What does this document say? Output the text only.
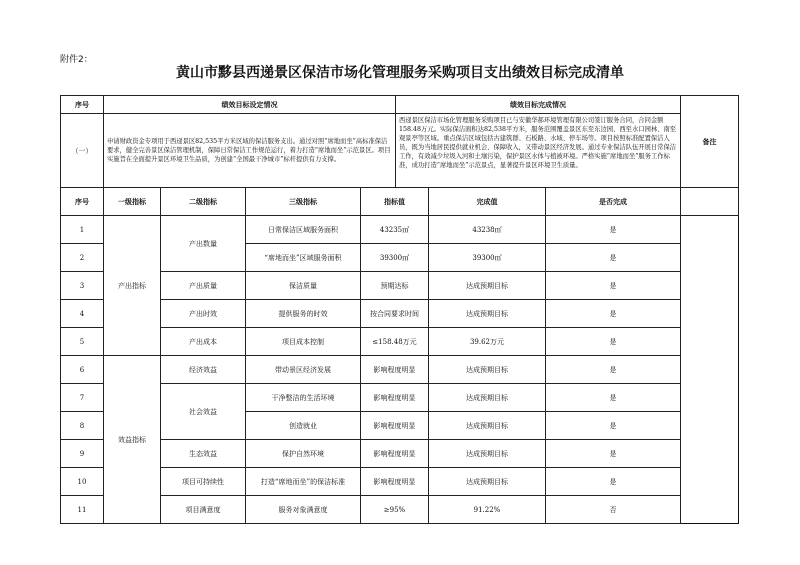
附件2：
黄山市黟县西递景区保洁市场化管理服务采购项目支出绩效目标完成清单
序号	绩效目标设定情况	绩效目标完成情况	备注
（一）	申请财政资金专项用于西递景区82,535平方米区域的保洁服务支出。通过对照“席地而坐”高标准保洁要求，健全完善景区保洁管理机制，保障日常保洁工作规范运行，着力打造“席地而坐”示范景区。项目实施旨在全面提升景区环境卫生品质，为创建“全国最干净城市”标杆提供有力支撑。	西递景区保洁市场化管理服务采购项目已与安徽华郝环境管理有限公司签订服务合同，合同金额158.48万元。实际保洁面积达82,538平方米，服务范围覆盖景区东至东边园、西至水口园林、南至观景亭等区域。重点保洁区域包括古建筑群、石板路、水域、停车场等。项目按照标准配置保洁人员，既为当地居民提供就业机会、保障收入，又带动景区经济发展。通过专业保洁队伍开展日常保洁工作，有效减少垃圾入河和土壤污染，保护景区水体与植被环境。严格实施“席地而坐”服务工作标准，成功打造“席地而坐”示范景点，显著提升景区环境卫生质量。	
序号	一级指标	二级指标	三级指标	指标值	完成值	是否完成	
1	产出指标	产出数量	日常保洁区域服务面积	43235㎡	43238㎡	是	
2			“席地而坐”区域服务面积	39300㎡	39300㎡	是	
3		产出质量	保洁质量	预期达标	达成预期目标	是	
4		产出时效	提供服务的时效	按合同要求时间	达成预期目标	是	
5		产出成本	项目成本控制	≤158.48万元	39.62万元	是	
6	效益指标	经济效益	带动景区经济发展	影响程度明显	达成预期目标	是	
7		社会效益	干净整洁的生活环境	影响程度明显	达成预期目标	是	
8			创造就业	影响程度明显	达成预期目标	是	
9		生态效益	保护自然环境	影响程度明显	达成预期目标	是	
10		项目可持续性	打造“席地而坐”的保洁标准	影响程度明显	达成预期目标	是	
11		项目满意度	服务对象满意度	≥95%	91.22%	否	
